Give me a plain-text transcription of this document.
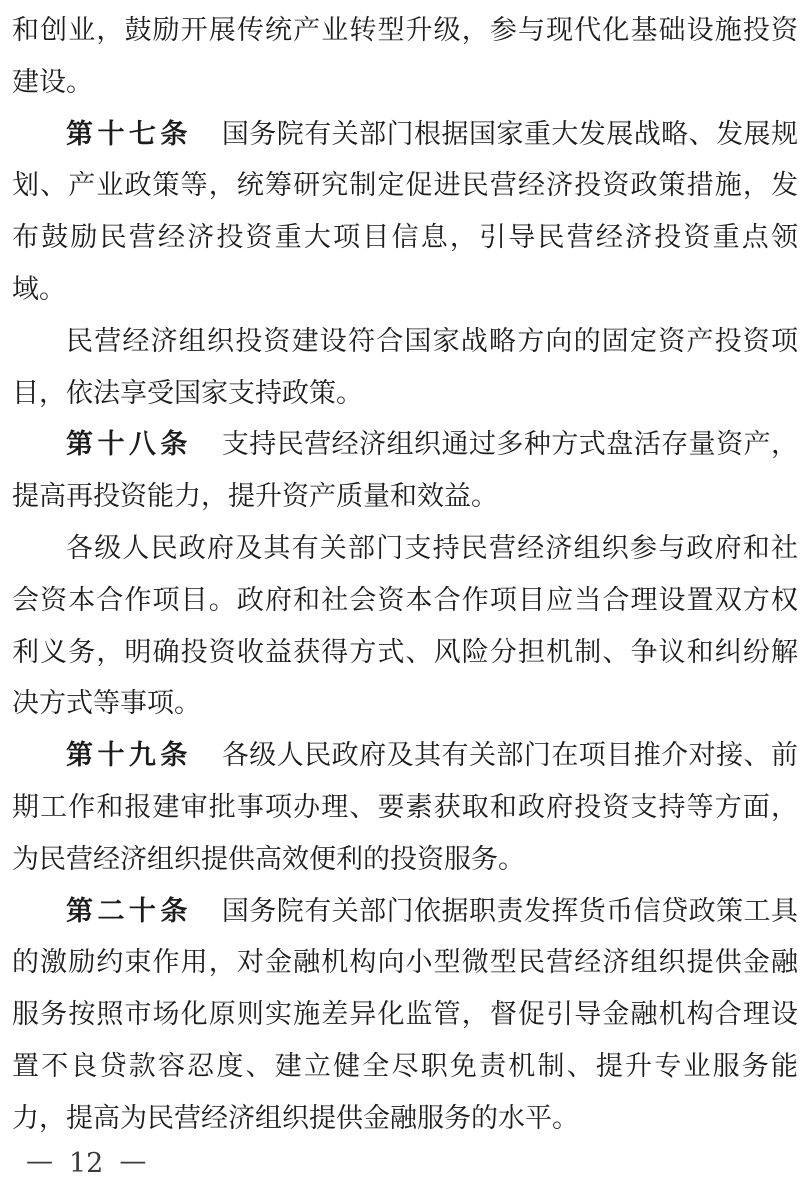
和创业，鼓励开展传统产业转型升级，参与现代化基础设施投资
建设。
第十七条 国务院有关部门根据国家重大发展战略、发展规
划、产业政策等，统筹研究制定促进民营经济投资政策措施，发
布鼓励民营经济投资重大项目信息，引导民营经济投资重点领
域。
民营经济组织投资建设符合国家战略方向的固定资产投资项
目，依法享受国家支持政策。
第十八条 支持民营经济组织通过多种方式盘活存量资产，
提高再投资能力，提升资产质量和效益。
各级人民政府及其有关部门支持民营经济组织参与政府和社
会资本合作项目。政府和社会资本合作项目应当合理设置双方权
利义务，明确投资收益获得方式、风险分担机制、争议和纠纷解
决方式等事项。
第十九条 各级人民政府及其有关部门在项目推介对接、前
期工作和报建审批事项办理、要素获取和政府投资支持等方面，
为民营经济组织提供高效便利的投资服务。
第二十条 国务院有关部门依据职责发挥货币信贷政策工具
的激励约束作用，对金融机构向小型微型民营经济组织提供金融
服务按照市场化原则实施差异化监管，督促引导金融机构合理设
置不良贷款容忍度、建立健全尽职免责机制、提升专业服务能
力，提高为民营经济组织提供金融服务的水平。
— 12 —
